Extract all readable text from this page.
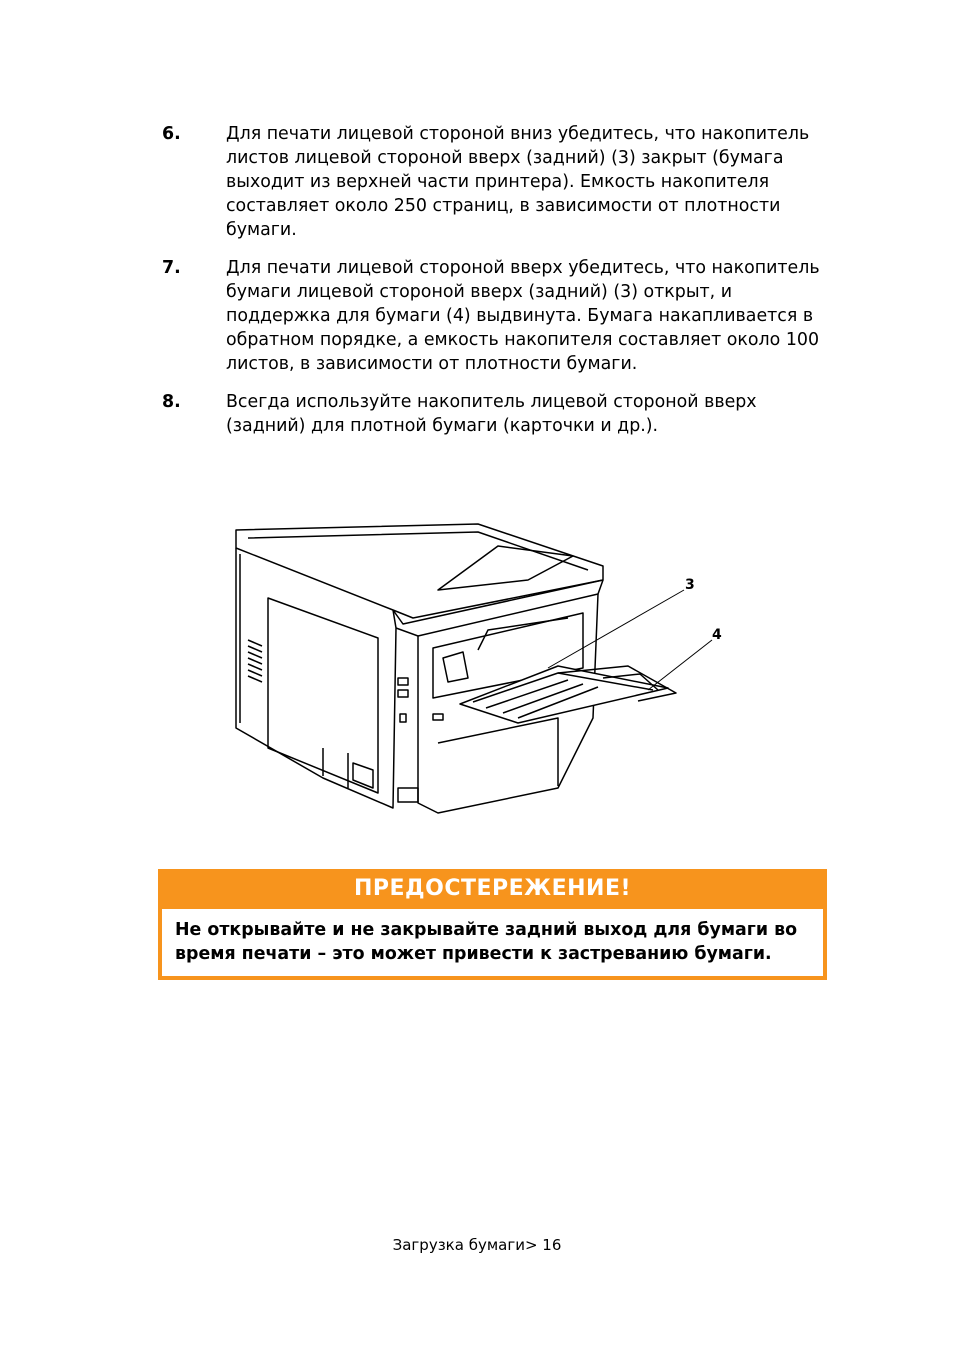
6.	Для печати лицевой стороной вниз убедитесь, что накопитель листов лицевой стороной вверх (задний) (3) закрыт (бумага выходит из верхней части принтера). Емкость накопителя составляет около 250 страниц, в зависимости от плотности бумаги.
7.	Для печати лицевой стороной вверх убедитесь, что накопитель бумаги лицевой стороной вверх (задний) (3) открыт, и поддержка для бумаги (4) выдвинута. Бумага накапливается в обратном порядке, а емкость накопителя составляет около 100 листов, в зависимости от плотности бумаги.
8.	Всегда используйте накопитель лицевой стороной вверх (задний) для плотной бумаги (карточки и др.).
3
4
ПРЕДОСТЕРЕЖЕНИЕ!
Не открывайте и не закрывайте задний выход для бумаги во время печати – это может привести к застреванию бумаги.
Загрузка бумаги> 16
